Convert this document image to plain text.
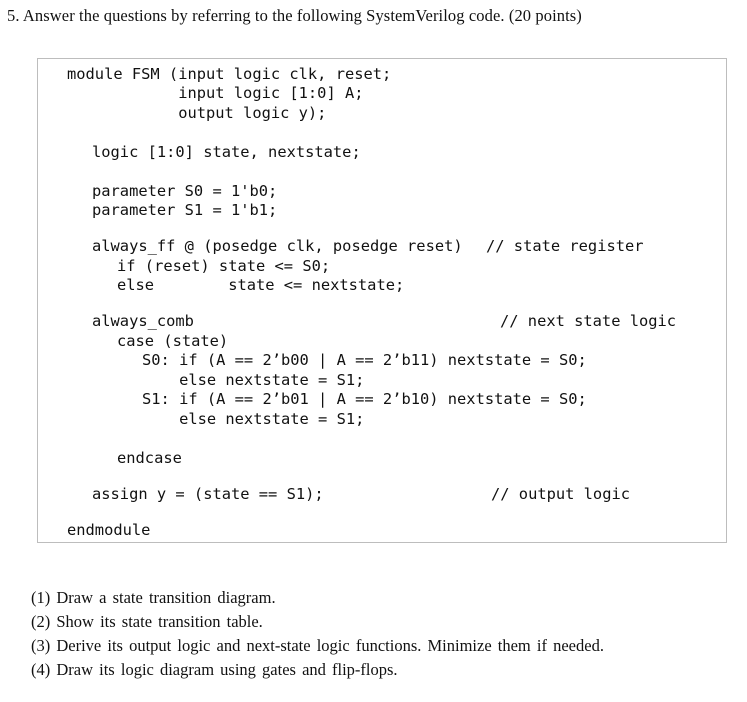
5. Answer the questions by referring to the following SystemVerilog code. (20 points)
module FSM (input logic clk, reset;
input logic [1:0] A;
output logic y);
logic [1:0] state, nextstate;
parameter S0 = 1'b0;
parameter S1 = 1'b1;
always_ff @ (posedge clk, posedge reset) // state register
if (reset) state <= S0;
else        state <= nextstate;
always_comb	// next state logic
case (state)
S0: if (A == 2’b00 | A == 2’b11) nextstate = S0;
else nextstate = S1;
S1: if (A == 2’b01 | A == 2’b10) nextstate = S0;
else nextstate = S1;
endcase
assign y = (state == S1);	// output logic
endmodule
(1) Draw a state transition diagram.
(2) Show its state transition table.
(3) Derive its output logic and next-state logic functions. Minimize them if needed.
(4) Draw its logic diagram using gates and flip-flops.
